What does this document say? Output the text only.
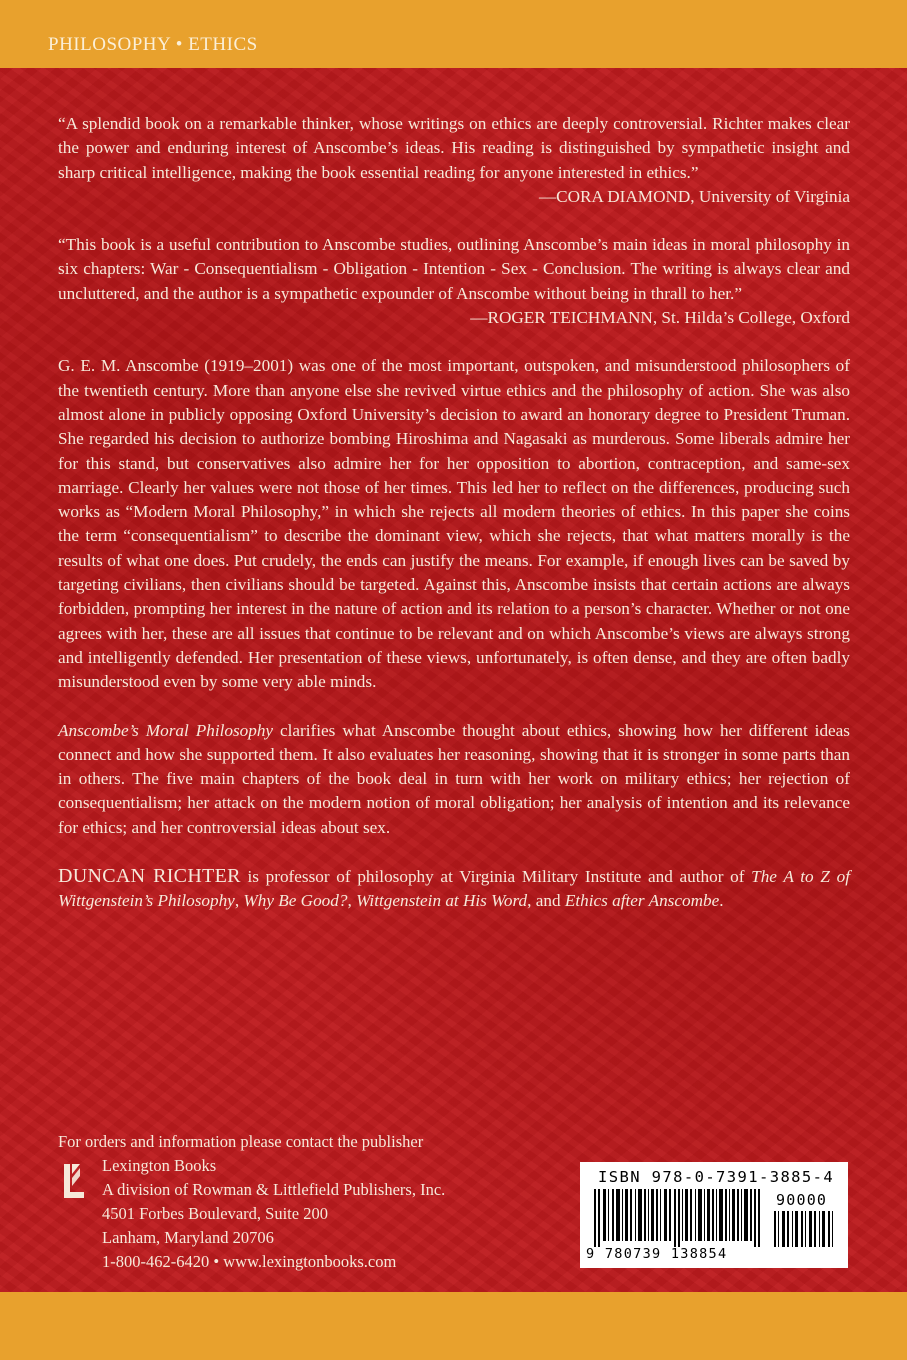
PHILOSOPHY • ETHICS

“A splendid book on a remarkable thinker, whose writings on ethics are deeply controversial. Richter makes clear the power and enduring interest of Anscombe’s ideas. His reading is distinguished by sympathetic insight and sharp critical intelligence, making the book essential reading for anyone interested in ethics.”

—CORA DIAMOND, University of Virginia

“This book is a useful contribution to Anscombe studies, outlining Anscombe’s main ideas in moral philosophy in six chapters: War - Consequentialism - Obligation - Intention - Sex - Conclusion. The writing is always clear and uncluttered, and the author is a sympathetic expounder of Anscombe without being in thrall to her.”

—ROGER TEICHMANN, St. Hilda’s College, Oxford

G. E. M. Anscombe (1919–2001) was one of the most important, outspoken, and misunderstood philosophers of the twentieth century. More than anyone else she revived virtue ethics and the philosophy of action. She was also almost alone in publicly opposing Oxford University’s decision to award an honorary degree to President Truman. She regarded his decision to authorize bombing Hiroshima and Nagasaki as murderous. Some liberals admire her for this stand, but conservatives also admire her for her opposition to abortion, contraception, and same-sex marriage. Clearly her values were not those of her times. This led her to reflect on the differences, producing such works as “Modern Moral Philosophy,” in which she rejects all modern theories of ethics. In this paper she coins the term “consequentialism” to describe the dominant view, which she rejects, that what matters morally is the results of what one does. Put crudely, the ends can justify the means. For example, if enough lives can be saved by targeting civilians, then civilians should be targeted. Against this, Anscombe insists that certain actions are always forbidden, prompting her interest in the nature of action and its relation to a person’s character. Whether or not one agrees with her, these are all issues that continue to be relevant and on which Anscombe’s views are always strong and intelligently defended. Her presentation of these views, unfortunately, is often dense, and they are often badly misunderstood even by some very able minds.

Anscombe’s Moral Philosophy clarifies what Anscombe thought about ethics, showing how her different ideas connect and how she supported them. It also evaluates her reasoning, showing that it is stronger in some parts than in others. The five main chapters of the book deal in turn with her work on military ethics; her rejection of consequentialism; her attack on the modern notion of moral obligation; her analysis of intention and its relevance for ethics; and her controversial ideas about sex.

DUNCAN RICHTER is professor of philosophy at Virginia Military Institute and author of The A to Z of Wittgenstein’s Philosophy, Why Be Good?, Wittgenstein at His Word, and Ethics after Anscombe.

For orders and information please contact the publisher
Lexington Books
A division of Rowman & Littlefield Publishers, Inc.
4501 Forbes Boulevard, Suite 200
Lanham, Maryland 20706
1-800-462-6420 • www.lexingtonbooks.com
ISBN 978-0-7391-3885-4
90000
9 780739 138854
